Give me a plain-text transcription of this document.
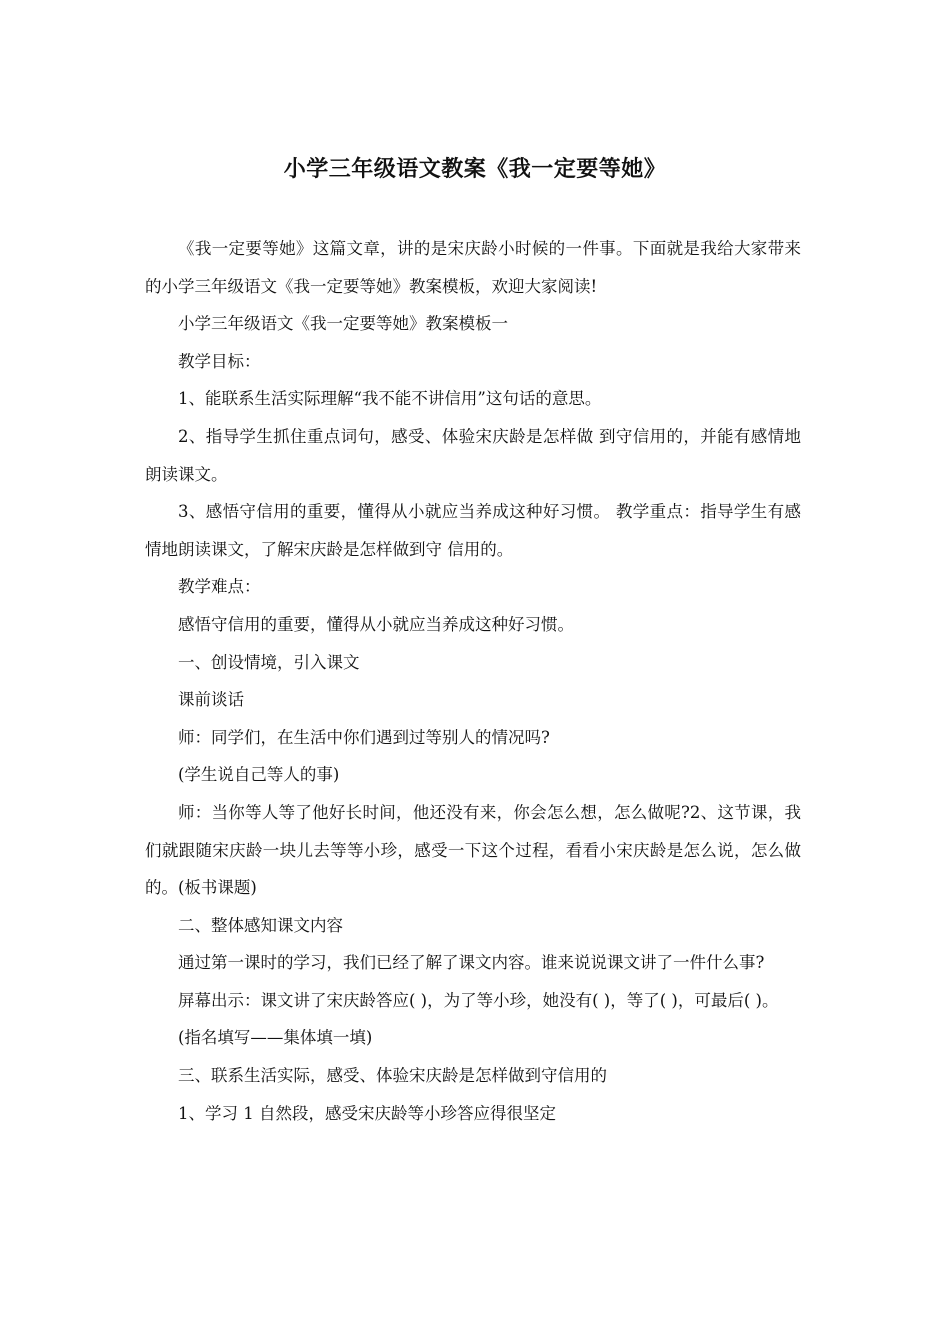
小学三年级语文教案《我一定要等她》

《我一定要等她》这篇文章，讲的是宋庆龄小时候的一件事。下面就是我给大家带来的小学三年级语文《我一定要等她》教案模板，欢迎大家阅读!

小学三年级语文《我一定要等她》教案模板一

教学目标：

1、能联系生活实际理解“我不能不讲信用”这句话的意思。

2、指导学生抓住重点词句，感受、体验宋庆龄是怎样做 到守信用的，并能有感情地朗读课文。

3、感悟守信用的重要，懂得从小就应当养成这种好习惯。 教学重点：指导学生有感情地朗读课文，了解宋庆龄是怎样做到守 信用的。

教学难点：

感悟守信用的重要，懂得从小就应当养成这种好习惯。

一、创设情境，引入课文

课前谈话

师：同学们，在生活中你们遇到过等别人的情况吗?

(学生说自己等人的事)

师：当你等人等了他好长时间，他还没有来，你会怎么想，怎么做呢?2、这节课，我们就跟随宋庆龄一块儿去等等小珍，感受一下这个过程，看看小宋庆龄是怎么说，怎么做的。(板书课题)

二、整体感知课文内容

通过第一课时的学习，我们已经了解了课文内容。谁来说说课文讲了一件什么事?

屏幕出示：课文讲了宋庆龄答应( )，为了等小珍，她没有( )，等了( )，可最后( )。

(指名填写——集体填一填)

三、联系生活实际，感受、体验宋庆龄是怎样做到守信用的

1、学习 1 自然段，感受宋庆龄等小珍答应得很坚定
